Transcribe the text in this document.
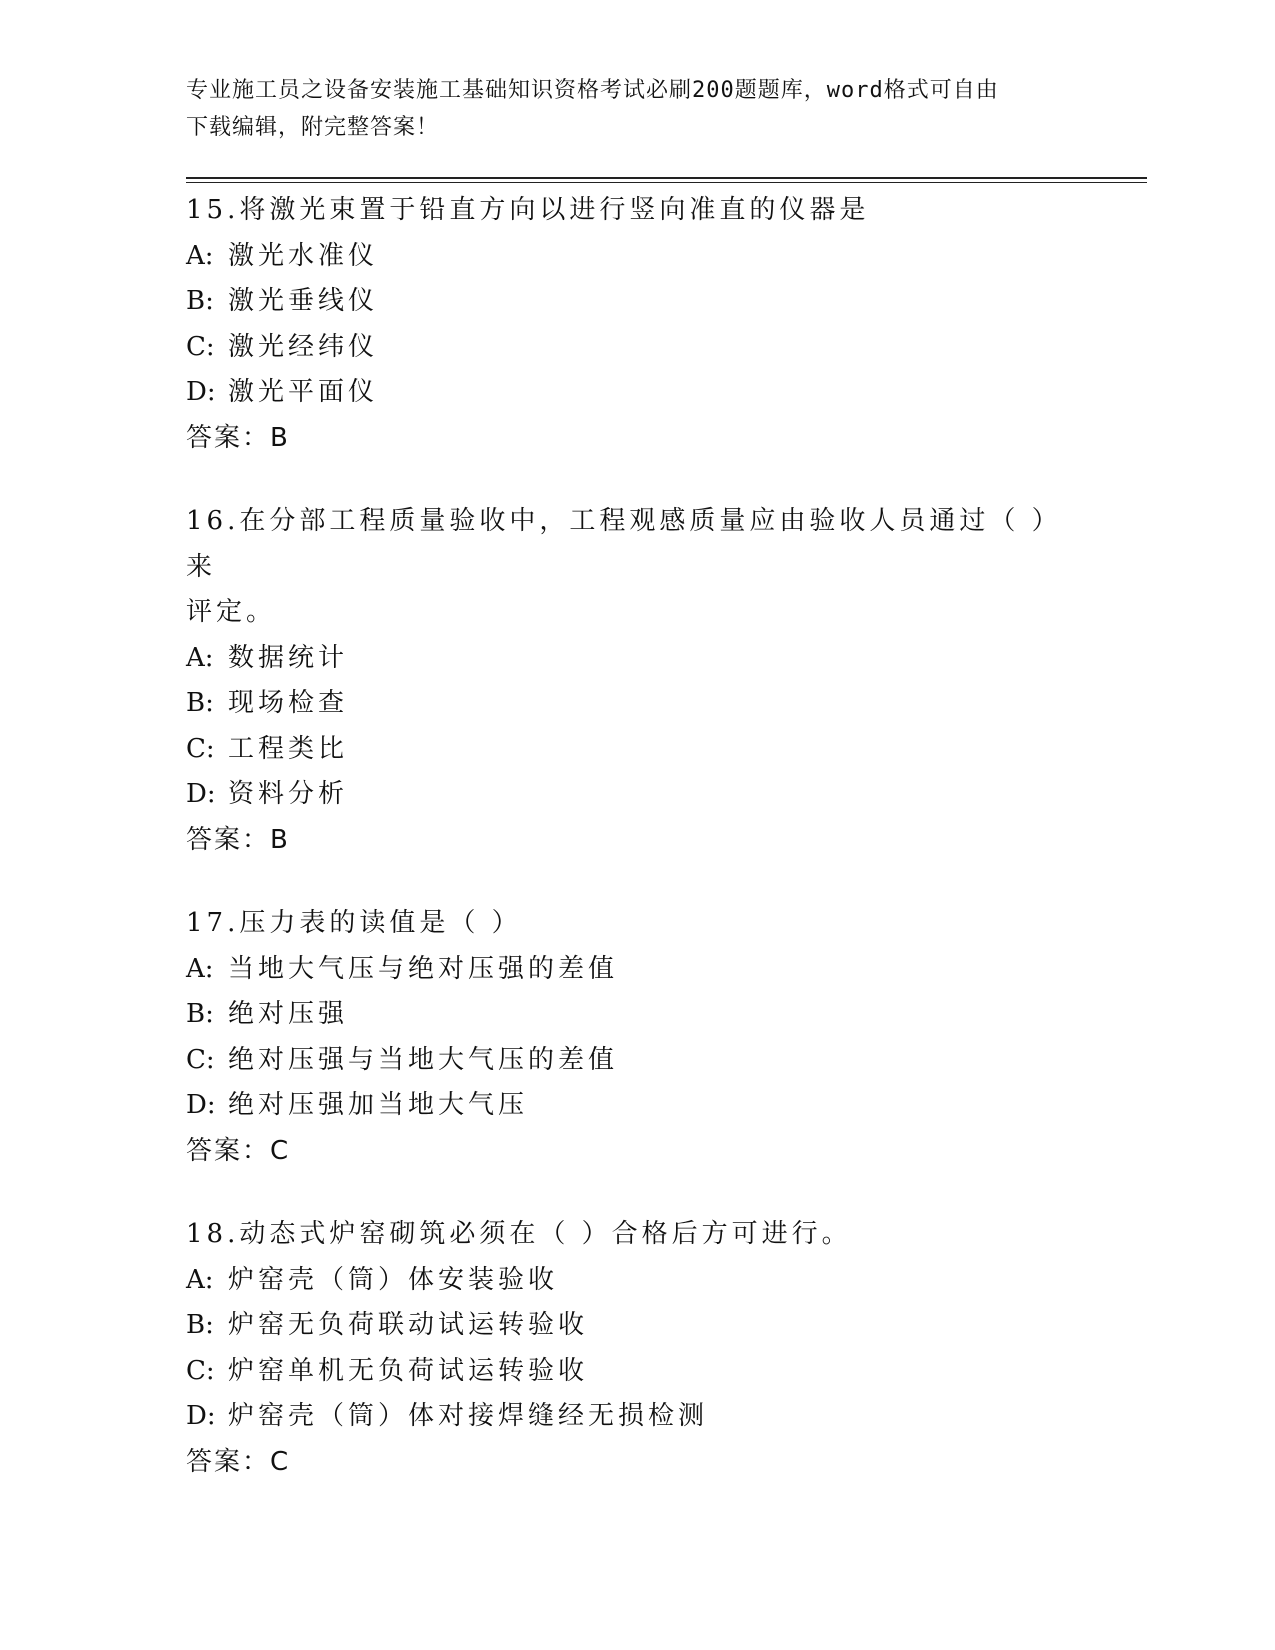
专业施工员之设备安装施工基础知识资格考试必刷200题题库，word格式可自由
下载编辑，附完整答案！
15.将激光束置于铅直方向以进行竖向准直的仪器是
A: 激光水准仪
B: 激光垂线仪
C: 激光经纬仪
D: 激光平面仪
答案：B
16.在分部工程质量验收中，工程观感质量应由验收人员通过（ ）来
评定。
A: 数据统计
B: 现场检查
C: 工程类比
D: 资料分析
答案：B
17.压力表的读值是（ ）
A: 当地大气压与绝对压强的差值
B: 绝对压强
C: 绝对压强与当地大气压的差值
D: 绝对压强加当地大气压
答案：C
18.动态式炉窑砌筑必须在（ ）合格后方可进行。
A: 炉窑壳（筒）体安装验收
B: 炉窑无负荷联动试运转验收
C: 炉窑单机无负荷试运转验收
D: 炉窑壳（筒）体对接焊缝经无损检测
答案：C
